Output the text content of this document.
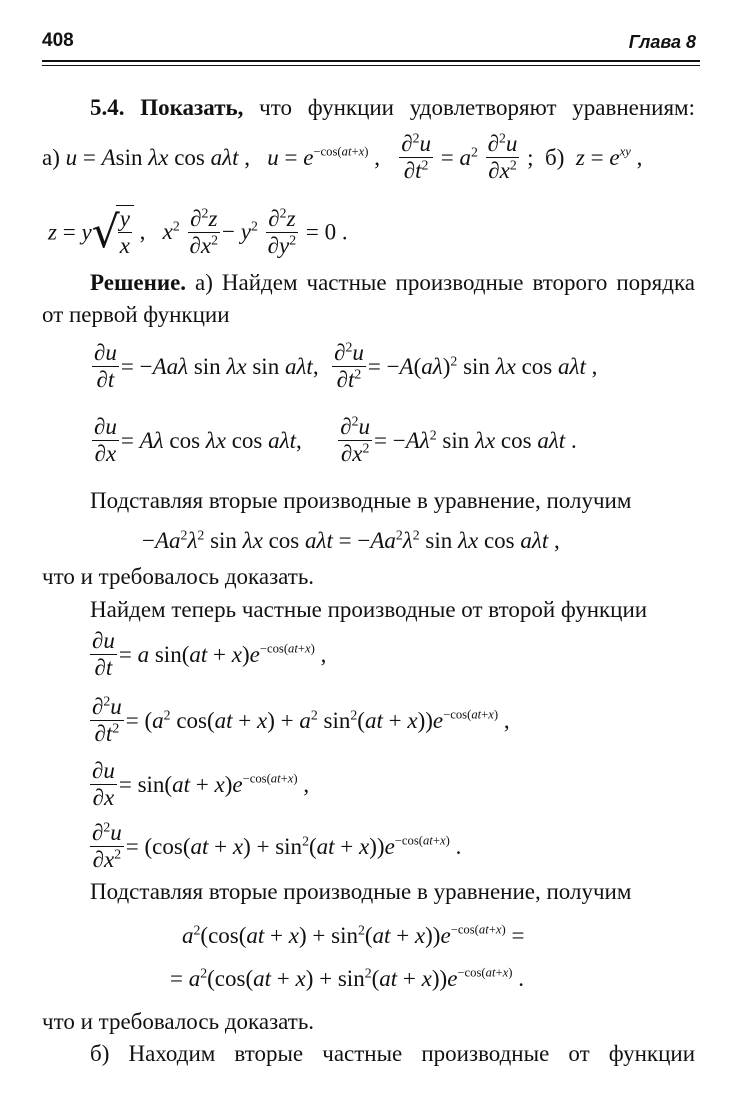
408	Глава 8
5.4. Показать, что функции удовлетворяют уравнениям:
а) u = Asin λx cos aλt ,   $u = e^{-cos(at+x)}$ , $\frac{\partial^2u}{\partial t^2} = a^2 \frac{\partial^2u}{\partial x^2}$ ;  б)  $z = e^{xy}$ ,
z = y√
$\frac{y}{x}$ ,   $x^2 \frac{\partial^2z}{\partial x^2} - y^2 \frac{\partial^2z}{\partial y^2} = 0$ .
Решение. а) Найдем частные производные второго порядка
от первой функции
$\frac{\partial u}{\partial t} = -Aa\lambda$ sin λx sin aλt, $\frac{\partial^2u}{\partial t^2} = -A(a\lambda)^2$ sin λx cos aλt ,
$\frac{\partial u}{\partial x} = A\lambda$ cos λx cos aλt, $\frac{\partial^2u}{\partial x^2} = -A\lambda^2$ sin λx cos aλt .
Подставляя вторые производные в уравнение, получим
$-Aa^2\lambda^2$ sin λx $\cos a\lambda t = -Aa^2\lambda^2$ sin λx cos aλt ,
что и требовалось доказать.
Найдем теперь частные производные от второй функции
$\frac{\partial u}{\partial t} = a$ $\sin(at + x)e^{-cos(at+x)}$ ,
$\frac{\partial^2u}{\partial t^2} = (a^2$ $\cos(at + x) + a^2$ $\sin^2(at + x))e^{-cos(at+x)}$ ,
$\frac{\partial u}{\partial x} = \sin(at + x)e^{-cos(at+x)}$ ,
$\frac{\partial^2u}{\partial x^2} = (\cos(at + x) + \sin^2(at + x))e^{-cos(at+x)}$ .
Подставляя вторые производные в уравнение, получим
$a^2(\cos(at + x) + \sin^2(at + x))e^{-cos(at+x)}$ =
= $a^2(\cos(at + x) + \sin^2(at + x))e^{-cos(at+x)}$ .
что и требовалось доказать.
б) Находим вторые частные производные от функции
